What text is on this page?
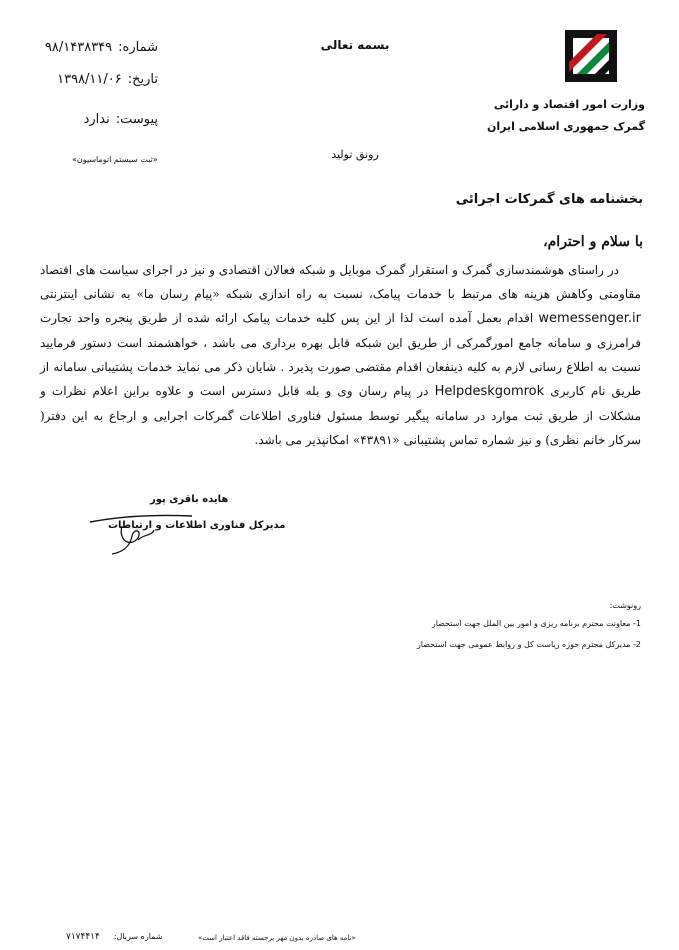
وزارت امور اقتصاد و دارائی
گمرک جمهوری اسلامی ایران
بسمه تعالی
رونق تولید
شماره:۹۸/۱۴۳۸۳۴۹
تاریخ:۱۳۹۸/۱۱/۰۶
پیوست:ندارد
«ثبت سیستم اتوماسیون»
بخشنامه های گمرکات اجرائی
با سلام و احترام،

در راستای هوشمندسازی گمرک و استقرار گمرک موبایل و شبکه فعالان اقتصادی و نیز در اجرای سیاست های اقتصاد مقاومتی وکاهش هزینه های مرتبط با خدمات پیامک، نسبت به راه اندازی شبکه «پیام رسان ما» به نشانی اینترنتی wemessenger.ir اقدام بعمل آمده است لذا از این پس کلیه خدمات پیامک ارائه شده از طریق پنجره واحد تجارت فرامرزی و سامانه جامع امورگمرکی از طریق این شبکه قابل بهره برداری می باشد ، خواهشمند است دستور فرمایید نسبت به اطلاع رسانی لازم به کلیه ذینفعان اقدام مقتضی صورت پذیرد . شایان ذکر می نماید خدمات پشتیبانی سامانه از طریق نام کاربری Helpdeskgomrok در پیام رسان وی و بله قابل دسترس است و علاوه براین اعلام نظرات و مشکلات از طریق ثبت موارد در سامانه پیگیر توسط مسئول فناوری اطلاعات گمرکات اجرایی و ارجاع به این دفتر( سرکار خانم نظری) و نیز شماره تماس پشتیبانی «۴۳۸۹۱» امکانپذیر می باشد.

هایده باقری پور
مدیرکل فناوری اطلاعات و ارتباطات
رونوشت:
1- معاونت محترم برنامه ریزی و امور بین الملل جهت استحضار
2- مدیرکل محترم حوزه ریاست کل و روابط عمومی جهت استحضار
«نامه های صادره بدون مهر برجسته فاقد اعتبار است»
شماره سریال:۷۱۷۴۴۱۴
